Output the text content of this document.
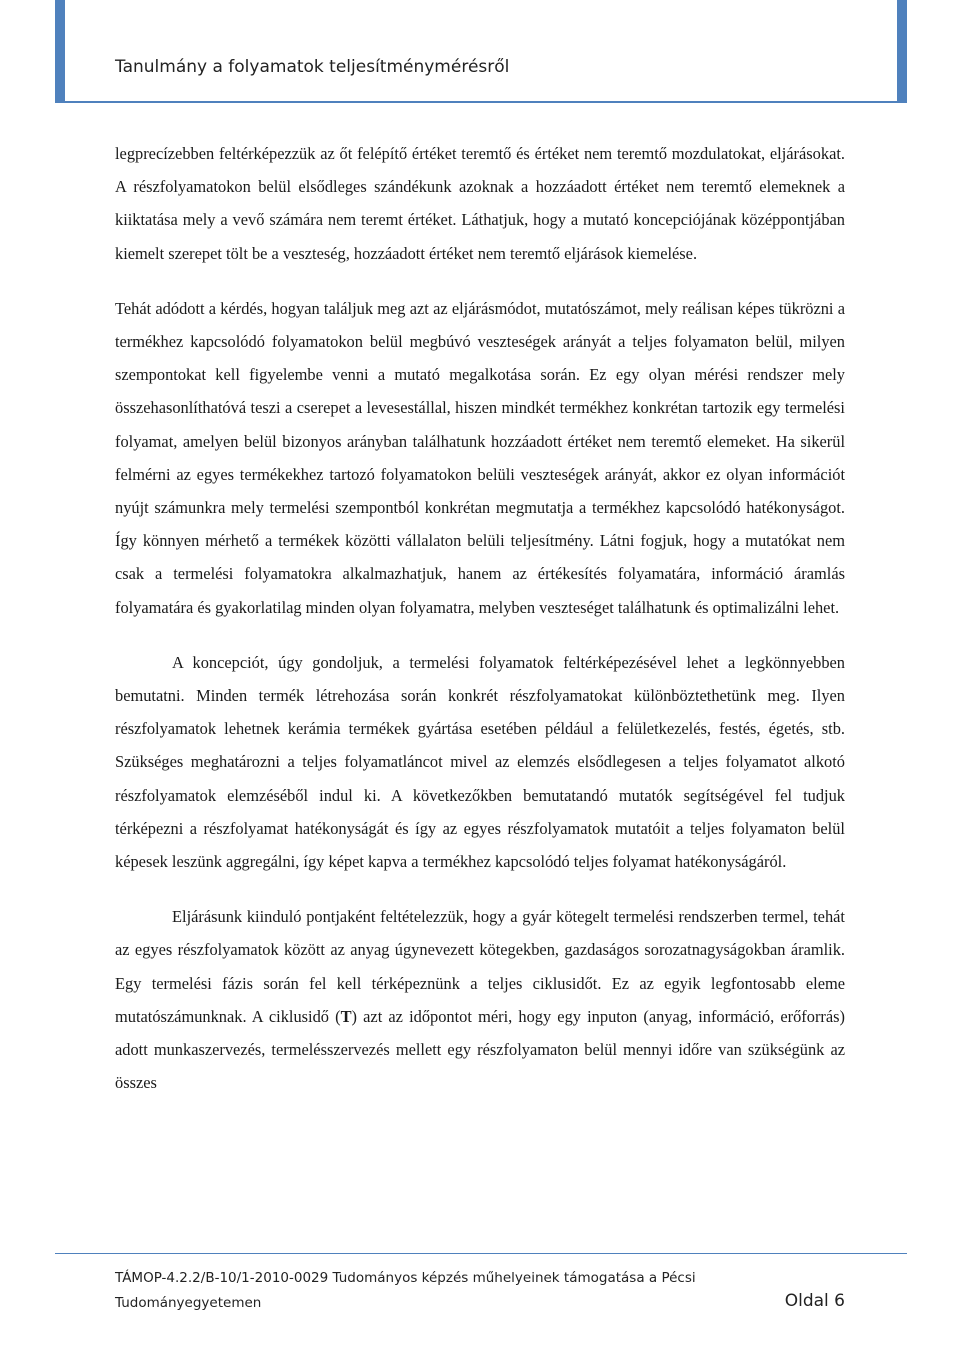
Tanulmány a folyamatok teljesítménymérésről

legprecízebben feltérképezzük az őt felépítő értéket teremtő és értéket nem teremtő mozdulatokat, eljárásokat. A részfolyamatokon belül elsődleges szándékunk azoknak a hozzáadott értéket nem teremtő elemeknek a kiiktatása mely a vevő számára nem teremt értéket. Láthatjuk, hogy a mutató koncepciójának középpontjában kiemelt szerepet tölt be a veszteség, hozzáadott értéket nem teremtő eljárások kiemelése.

Tehát adódott a kérdés, hogyan találjuk meg azt az eljárásmódot, mutatószámot, mely reálisan képes tükrözni a termékhez kapcsolódó folyamatokon belül megbúvó veszteségek arányát a teljes folyamaton belül, milyen szempontokat kell figyelembe venni a mutató megalkotása során. Ez egy olyan mérési rendszer mely összehasonlíthatóvá teszi a cserepet a levesestállal, hiszen mindkét termékhez konkrétan tartozik egy termelési folyamat, amelyen belül bizonyos arányban találhatunk hozzáadott értéket nem teremtő elemeket. Ha sikerül felmérni az egyes termékekhez tartozó folyamatokon belüli veszteségek arányát, akkor ez olyan információt nyújt számunkra mely termelési szempontból konkrétan megmutatja a termékhez kapcsolódó hatékonyságot. Így könnyen mérhető a termékek közötti vállalaton belüli teljesítmény. Látni fogjuk, hogy a mutatókat nem csak a termelési folyamatokra alkalmazhatjuk, hanem az értékesítés folyamatára, információ áramlás folyamatára és gyakorlatilag minden olyan folyamatra, melyben veszteséget találhatunk és optimalizálni lehet.

A koncepciót, úgy gondoljuk, a termelési folyamatok feltérképezésével lehet a legkönnyebben bemutatni. Minden termék létrehozása során konkrét részfolyamatokat különböztethetünk meg. Ilyen részfolyamatok lehetnek kerámia termékek gyártása esetében például a felületkezelés, festés, égetés, stb. Szükséges meghatározni a teljes folyamatláncot mivel az elemzés elsődlegesen a teljes folyamatot alkotó részfolyamatok elemzéséből indul ki. A következőkben bemutatandó mutatók segítségével fel tudjuk térképezni a részfolyamat hatékonyságát és így az egyes részfolyamatok mutatóit a teljes folyamaton belül képesek leszünk aggregálni, így képet kapva a termékhez kapcsolódó teljes folyamat hatékonyságáról.

Eljárásunk kiinduló pontjaként feltételezzük, hogy a gyár kötegelt termelési rendszerben termel, tehát az egyes részfolyamatok között az anyag úgynevezett kötegekben, gazdaságos sorozatnagyságokban áramlik. Egy termelési fázis során fel kell térképeznünk a teljes ciklusidőt. Ez az egyik legfontosabb eleme mutatószámunknak. A ciklusidő (T) azt az időpontot méri, hogy egy inputon (anyag, információ, erőforrás) adott munkaszervezés, termelésszervezés mellett egy részfolyamaton belül mennyi időre van szükségünk az összes

TÁMOP-4.2.2/B-10/1-2010-0029 Tudományos képzés műhelyeinek támogatása a Pécsi
Tudományegyetemen	Oldal 6
